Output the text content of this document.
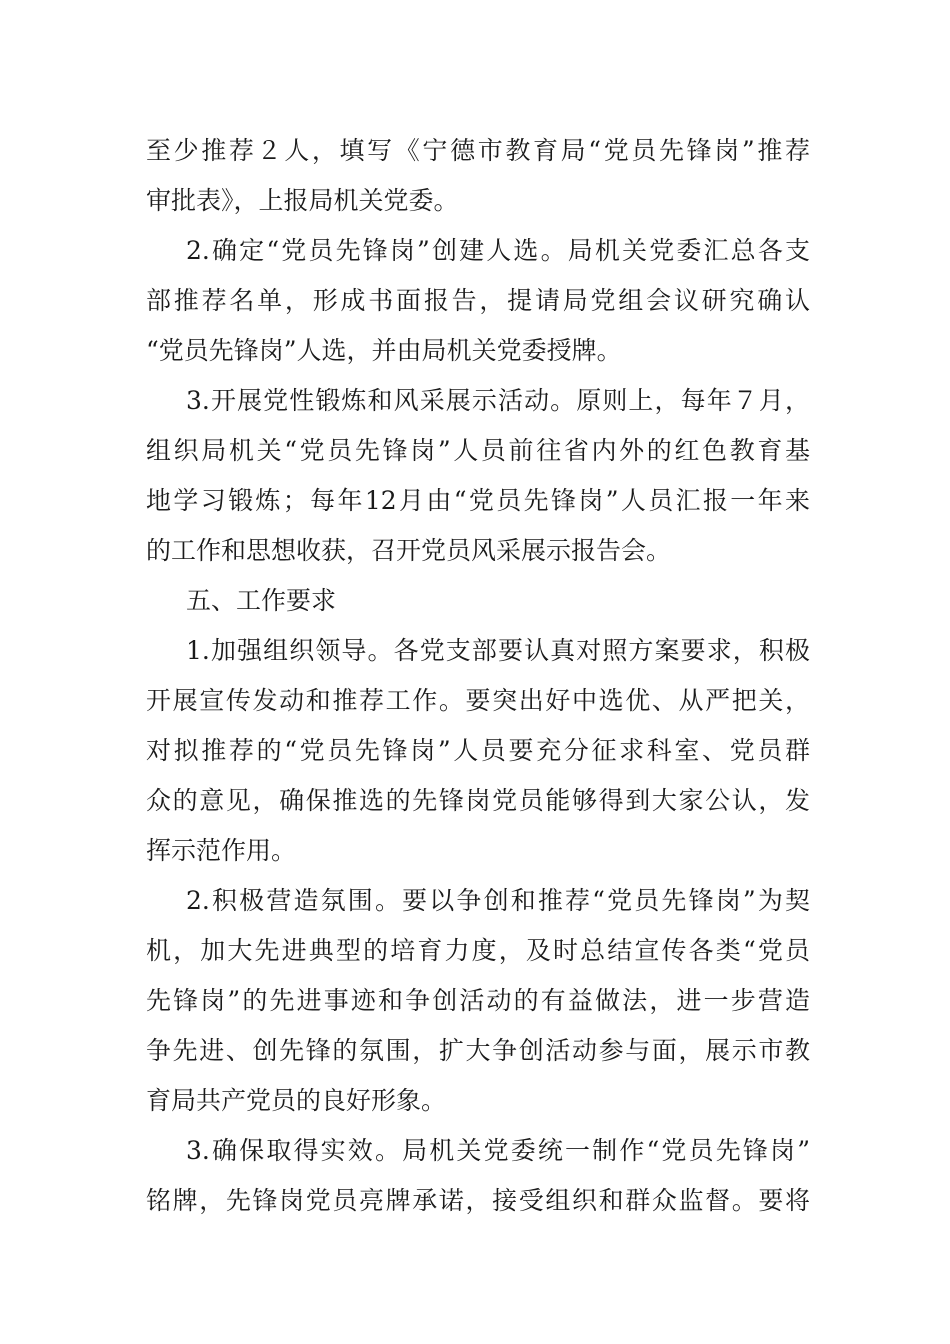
至少推荐２人，填写《宁德市教育局“党员先锋岗”推荐
审批表》，上报局机关党委。
2.确定“党员先锋岗”创建人选。局机关党委汇总各支
部推荐名单，形成书面报告，提请局党组会议研究确认
“党员先锋岗”人选，并由局机关党委授牌。
3.开展党性锻炼和风采展示活动。原则上，每年７月，
组织局机关“党员先锋岗”人员前往省内外的红色教育基
地学习锻炼；每年12月由“党员先锋岗”人员汇报一年来
的工作和思想收获，召开党员风采展示报告会。
五、工作要求
1.加强组织领导。各党支部要认真对照方案要求，积极
开展宣传发动和推荐工作。要突出好中选优、从严把关，
对拟推荐的“党员先锋岗”人员要充分征求科室、党员群
众的意见，确保推选的先锋岗党员能够得到大家公认，发
挥示范作用。
2.积极营造氛围。要以争创和推荐“党员先锋岗”为契
机，加大先进典型的培育力度，及时总结宣传各类“党员
先锋岗”的先进事迹和争创活动的有益做法，进一步营造
争先进、创先锋的氛围，扩大争创活动参与面，展示市教
育局共产党员的良好形象。
3.确保取得实效。局机关党委统一制作“党员先锋岗”
铭牌，先锋岗党员亮牌承诺，接受组织和群众监督。要将
